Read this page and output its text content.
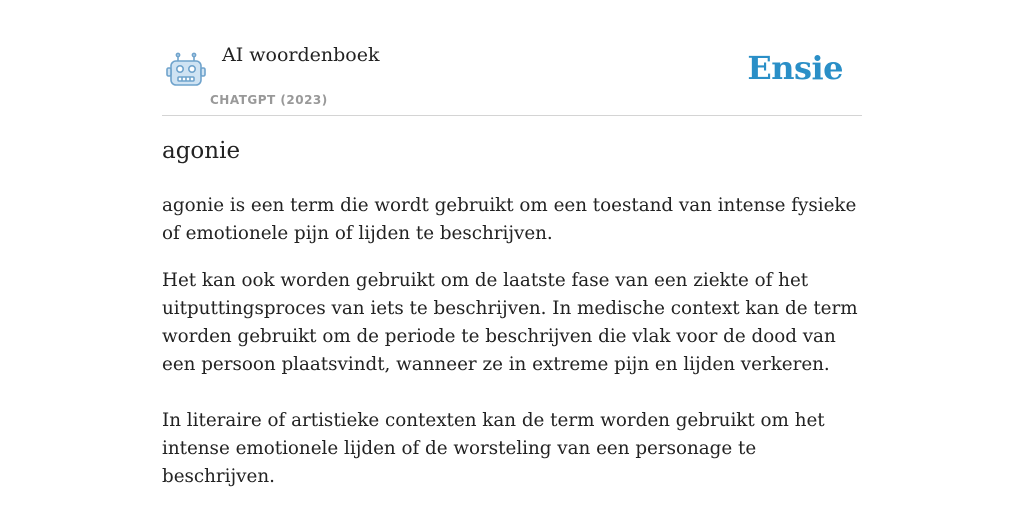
AI woordenboek
CHATGPT (2023)
Ensie
agonie

agonie is een term die wordt gebruikt om een toestand van intense fysieke of emotionele pijn of lijden te beschrijven.

Het kan ook worden gebruikt om de laatste fase van een ziekte of het uitputtingsproces van iets te beschrijven. In medische context kan de term worden gebruikt om de periode te beschrijven die vlak voor de dood van een persoon plaatsvindt, wanneer ze in extreme pijn en lijden verkeren.

In literaire of artistieke contexten kan de term worden gebruikt om het intense emotionele lijden of de worsteling van een personage te beschrijven.
